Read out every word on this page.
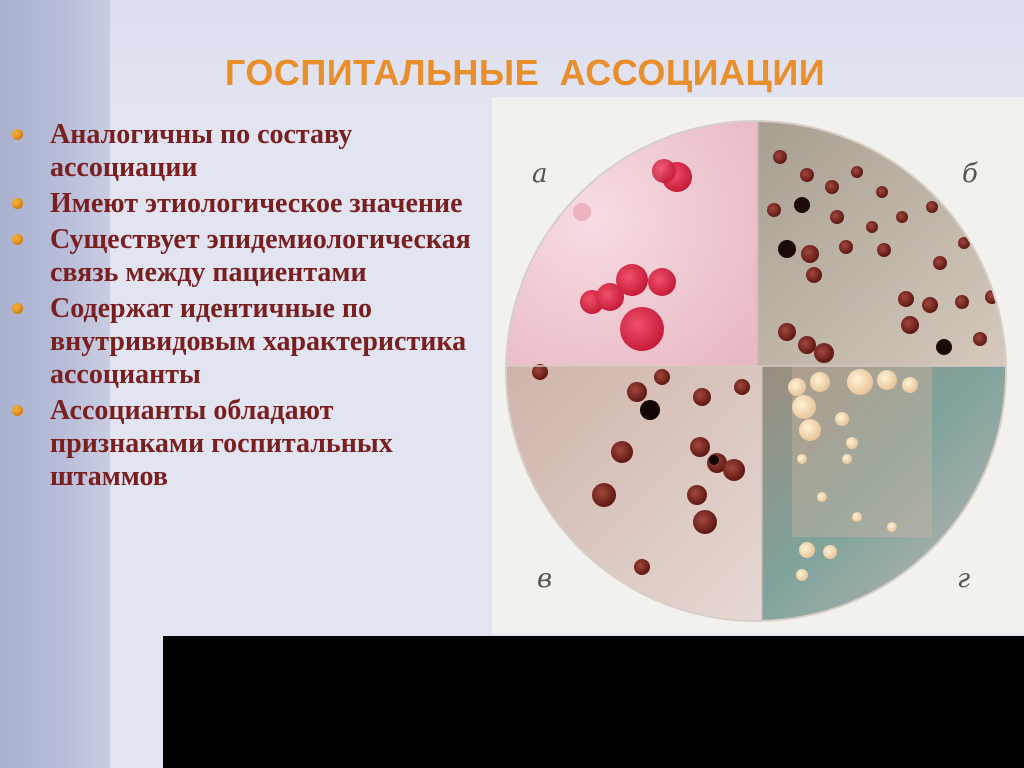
ГОСПИТАЛЬНЫЕ АССОЦИАЦИИ
Аналогичны по составу ассоциации
Имеют этиологическое значение
Существует эпидемиологическая связь между пациентами
Содержат идентичные по внутривидовым характеристика ассоцианты
Ассоцианты обладают признаками госпитальных штаммов
а	б
в	г
